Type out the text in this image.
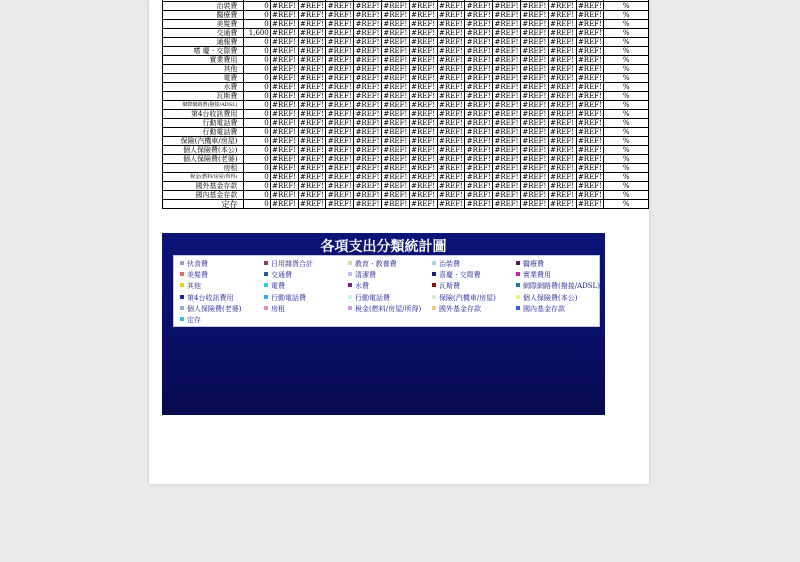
治裝費	0	#REF!	#REF!	#REF!	#REF!	#REF!	#REF!	#REF!	#REF!	#REF!	#REF!	#REF!	#REF!	%
醫療費	0	#REF!	#REF!	#REF!	#REF!	#REF!	#REF!	#REF!	#REF!	#REF!	#REF!	#REF!	#REF!	%
美髮費	0	#REF!	#REF!	#REF!	#REF!	#REF!	#REF!	#REF!	#REF!	#REF!	#REF!	#REF!	#REF!	%
交通費	1,600	#REF!	#REF!	#REF!	#REF!	#REF!	#REF!	#REF!	#REF!	#REF!	#REF!	#REF!	#REF!	%
通報費	0	#REF!	#REF!	#REF!	#REF!	#REF!	#REF!	#REF!	#REF!	#REF!	#REF!	#REF!	#REF!	%
嗜 慶 · 交際費	0	#REF!	#REF!	#REF!	#REF!	#REF!	#REF!	#REF!	#REF!	#REF!	#REF!	#REF!	#REF!	%
實業費用	0	#REF!	#REF!	#REF!	#REF!	#REF!	#REF!	#REF!	#REF!	#REF!	#REF!	#REF!	#REF!	%
其他	0	#REF!	#REF!	#REF!	#REF!	#REF!	#REF!	#REF!	#REF!	#REF!	#REF!	#REF!	#REF!	%
電費	0	#REF!	#REF!	#REF!	#REF!	#REF!	#REF!	#REF!	#REF!	#REF!	#REF!	#REF!	#REF!	%
水費	0	#REF!	#REF!	#REF!	#REF!	#REF!	#REF!	#REF!	#REF!	#REF!	#REF!	#REF!	#REF!	%
瓦斯費	0	#REF!	#REF!	#REF!	#REF!	#REF!	#REF!	#REF!	#REF!	#REF!	#REF!	#REF!	#REF!	%
網際網路費(撥接/ADSL)	0	#REF!	#REF!	#REF!	#REF!	#REF!	#REF!	#REF!	#REF!	#REF!	#REF!	#REF!	#REF!	%
第4台收訊費用	0	#REF!	#REF!	#REF!	#REF!	#REF!	#REF!	#REF!	#REF!	#REF!	#REF!	#REF!	#REF!	%
行動電話費	0	#REF!	#REF!	#REF!	#REF!	#REF!	#REF!	#REF!	#REF!	#REF!	#REF!	#REF!	#REF!	%
行動電話費	0	#REF!	#REF!	#REF!	#REF!	#REF!	#REF!	#REF!	#REF!	#REF!	#REF!	#REF!	#REF!	%
保險(汽機車/房屋)	0	#REF!	#REF!	#REF!	#REF!	#REF!	#REF!	#REF!	#REF!	#REF!	#REF!	#REF!	#REF!	%
個人保險費(本公)	0	#REF!	#REF!	#REF!	#REF!	#REF!	#REF!	#REF!	#REF!	#REF!	#REF!	#REF!	#REF!	%
個人保險費(老婆)	0	#REF!	#REF!	#REF!	#REF!	#REF!	#REF!	#REF!	#REF!	#REF!	#REF!	#REF!	#REF!	%
房租	0	#REF!	#REF!	#REF!	#REF!	#REF!	#REF!	#REF!	#REF!	#REF!	#REF!	#REF!	#REF!	%
稅金(燃料/房屋/所得)	0	#REF!	#REF!	#REF!	#REF!	#REF!	#REF!	#REF!	#REF!	#REF!	#REF!	#REF!	#REF!	%
國外基金存款	0	#REF!	#REF!	#REF!	#REF!	#REF!	#REF!	#REF!	#REF!	#REF!	#REF!	#REF!	#REF!	%
國內基金存款	0	#REF!	#REF!	#REF!	#REF!	#REF!	#REF!	#REF!	#REF!	#REF!	#REF!	#REF!	#REF!	%
定存	0	#REF!	#REF!	#REF!	#REF!	#REF!	#REF!	#REF!	#REF!	#REF!	#REF!	#REF!	#REF!	%
各項支出分類統計圖
伙食費	日用雜貨合計	教育 · 教養費	治裝費	醫療費
美髮費	交通費	清潔費	喜慶 · 交際費	實業費用
其他	電費	水費	瓦斯費	網際網路費(撥接/ADSL)
第4台收訊費用	行動電話費	行動電話費	保險(汽機車/房屋)	個人保險費(本公)
個人保險費(老婆)	房租	稅金(燃料/房屋/所得)	國外基金存款	國內基金存款
定存
